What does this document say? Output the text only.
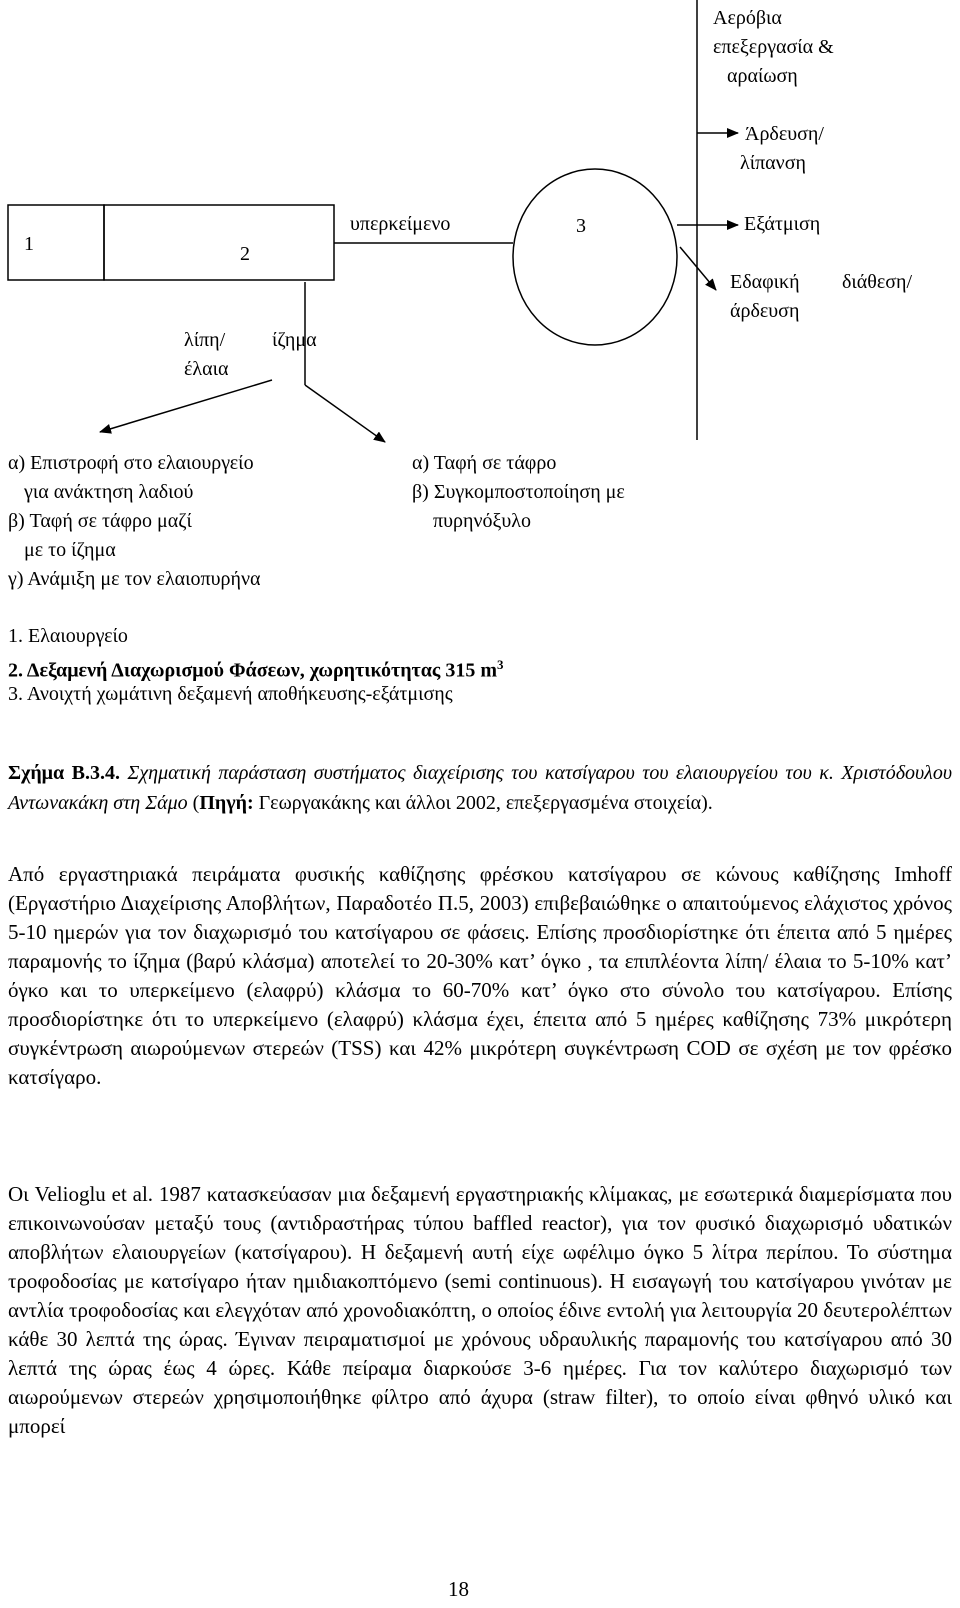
1	2
3
υπερκείμενο
λίπη/
έλαια
ίζημα
Αερόβια
επεξεργασία &
αραίωση
Άρδευση/
λίπανση
Εξάτμιση
Εδαφική διάθεση/
άρδευση
α) Επιστροφή στο ελαιουργείο
για ανάκτηση λαδιού
β) Ταφή σε τάφρο μαζί
με το ίζημα
γ) Ανάμιξη με τον ελαιοπυρήνα
α) Ταφή σε τάφρο
β) Συγκομποστοποίηση με
πυρηνόξυλο
1. Ελαιουργείο
2. Δεξαμενή Διαχωρισμού Φάσεων, χωρητικότητας 315 $m^3$
3. Ανοιχτή χωμάτινη δεξαμενή αποθήκευσης-εξάτμισης
Σχήμα Β.3.4. Σχηματική παράσταση συστήματος διαχείρισης του κατσίγαρου του ελαιουργείου του κ. Χριστόδουλου Αντωνακάκη στη Σάμο (Πηγή: Γεωργακάκης και άλλοι 2002, επεξεργασμένα στοιχεία).

Από εργαστηριακά πειράματα φυσικής καθίζησης φρέσκου κατσίγαρου σε κώνους καθίζησης Imhoff (Εργαστήριο Διαχείρισης Αποβλήτων, Παραδοτέο Π.5, 2003) επιβεβαιώθηκε ο απαιτούμενος ελάχιστος χρόνος 5-10 ημερών για τον διαχωρισμό του κατσίγαρου σε φάσεις. Επίσης προσδιορίστηκε ότι έπειτα από 5 ημέρες παραμονής το ίζημα (βαρύ κλάσμα) αποτελεί το 20-30% κατ’ όγκο , τα επιπλέοντα λίπη/ έλαια το 5-10% κατ’ όγκο και το υπερκείμενο (ελαφρύ) κλάσμα το 60-70% κατ’ όγκο στο σύνολο του κατσίγαρου. Επίσης προσδιορίστηκε ότι το υπερκείμενο (ελαφρύ) κλάσμα έχει, έπειτα από 5 ημέρες καθίζησης 73% μικρότερη συγκέντρωση αιωρούμενων στερεών (TSS) και 42% μικρότερη συγκέντρωση COD σε σχέση με τον φρέσκο κατσίγαρο.

Οι Velioglu et al. 1987 κατασκεύασαν μια δεξαμενή εργαστηριακής κλίμακας, με εσωτερικά διαμερίσματα που επικοινωνούσαν μεταξύ τους (αντιδραστήρας τύπου baffled reactor), για τον φυσικό διαχωρισμό υδατικών αποβλήτων ελαιουργείων (κατσίγαρου). Η δεξαμενή αυτή είχε ωφέλιμο όγκο 5 λίτρα περίπου. Το σύστημα τροφοδοσίας με κατσίγαρο ήταν ημιδιακοπτόμενο (semi continuous). Η εισαγωγή του κατσίγαρου γινόταν με αντλία τροφοδοσίας και ελεγχόταν από χρονοδιακόπτη, ο οποίος έδινε εντολή για λειτουργία 20 δευτερολέπτων κάθε 30 λεπτά της ώρας. Έγιναν πειραματισμοί με χρόνους υδραυλικής παραμονής του κατσίγαρου από 30 λεπτά της ώρας έως 4 ώρες. Κάθε πείραμα διαρκούσε 3-6 ημέρες. Για τον καλύτερο διαχωρισμό των αιωρούμενων στερεών χρησιμοποιήθηκε φίλτρο από άχυρα (straw filter), το οποίο είναι φθηνό υλικό και μπορεί

18
